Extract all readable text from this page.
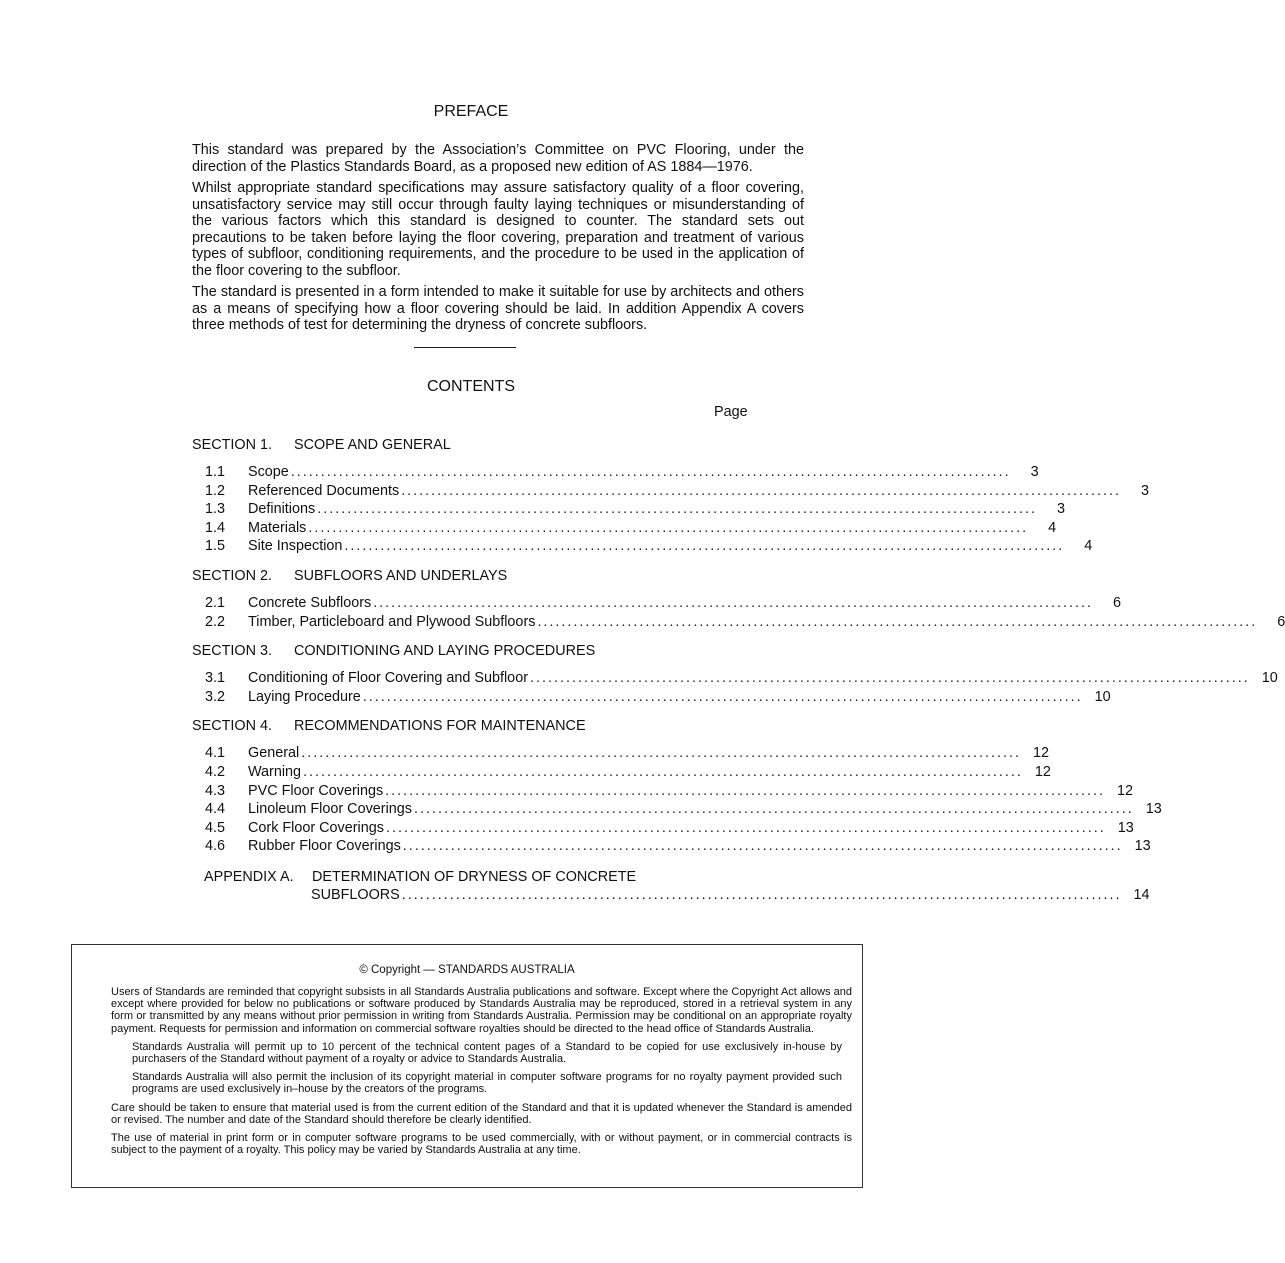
PREFACE

This standard was prepared by the Association’s Committee on PVC Flooring, under the direction of the Plastics Standards Board, as a proposed new edition of AS 1884—1976.

Whilst appropriate standard specifications may assure satisfactory quality of a floor covering, unsatisfactory service may still occur through faulty laying techniques or misunderstanding of the various factors which this standard is designed to counter. The standard sets out precautions to be taken before laying the floor covering, preparation and treatment of various types of subfloor, conditioning requirements, and the procedure to be used in the application of the floor covering to the subfloor.

The standard is presented in a form intended to make it suitable for use by architects and others as a means of specifying how a floor covering should be laid. In addition Appendix A covers three methods of test for determining the dryness of concrete subfloors.

CONTENTS
Page
SECTION 1. SCOPE AND GENERAL
1.1	Scope ........................................................................................................................	3
1.2	Referenced Documents ........................................................................................................................	3
1.3	Definitions ........................................................................................................................	3
1.4	Materials ........................................................................................................................	4
1.5	Site Inspection ........................................................................................................................	4
SECTION 2. SUBFLOORS AND UNDERLAYS
2.1	Concrete Subfloors ........................................................................................................................	6
2.2	Timber, Particleboard and Plywood Subfloors ........................................................................................................................	6
SECTION 3. CONDITIONING AND LAYING PROCEDURES
3.1	Conditioning of Floor Covering and Subfloor ........................................................................................................................ 10
3.2	Laying Procedure ........................................................................................................................ 10
SECTION 4. RECOMMENDATIONS FOR MAINTENANCE
4.1	General ........................................................................................................................ 12
4.2	Warning ........................................................................................................................ 12
4.3	PVC Floor Coverings ........................................................................................................................ 12
4.4	Linoleum Floor Coverings ........................................................................................................................ 13
4.5	Cork Floor Coverings ........................................................................................................................ 13
4.6	Rubber Floor Coverings ........................................................................................................................ 13
APPENDIX A. DETERMINATION OF DRYNESS OF CONCRETE
SUBFLOORS ........................................................................................................................ 14
© Copyright — STANDARDS AUSTRALIA

Users of Standards are reminded that copyright subsists in all Standards Australia publications and software. Except where the Copyright Act allows and except where provided for below no publications or software produced by Standards Australia may be reproduced, stored in a retrieval system in any form or transmitted by any means without prior permission in writing from Standards Australia. Permission may be conditional on an appropriate royalty payment. Requests for permission and information on commercial software royalties should be directed to the head office of Standards Australia.

Standards Australia will permit up to 10 percent of the technical content pages of a Standard to be copied for use exclusively in-house by purchasers of the Standard without payment of a royalty or advice to Standards Australia.

Standards Australia will also permit the inclusion of its copyright material in computer software programs for no royalty payment provided such programs are used exclusively in–house by the creators of the programs.

Care should be taken to ensure that material used is from the current edition of the Standard and that it is updated whenever the Standard is amended or revised. The number and date of the Standard should therefore be clearly identified.

The use of material in print form or in computer software programs to be used commercially, with or without payment, or in commercial contracts is subject to the payment of a royalty. This policy may be varied by Standards Australia at any time.
